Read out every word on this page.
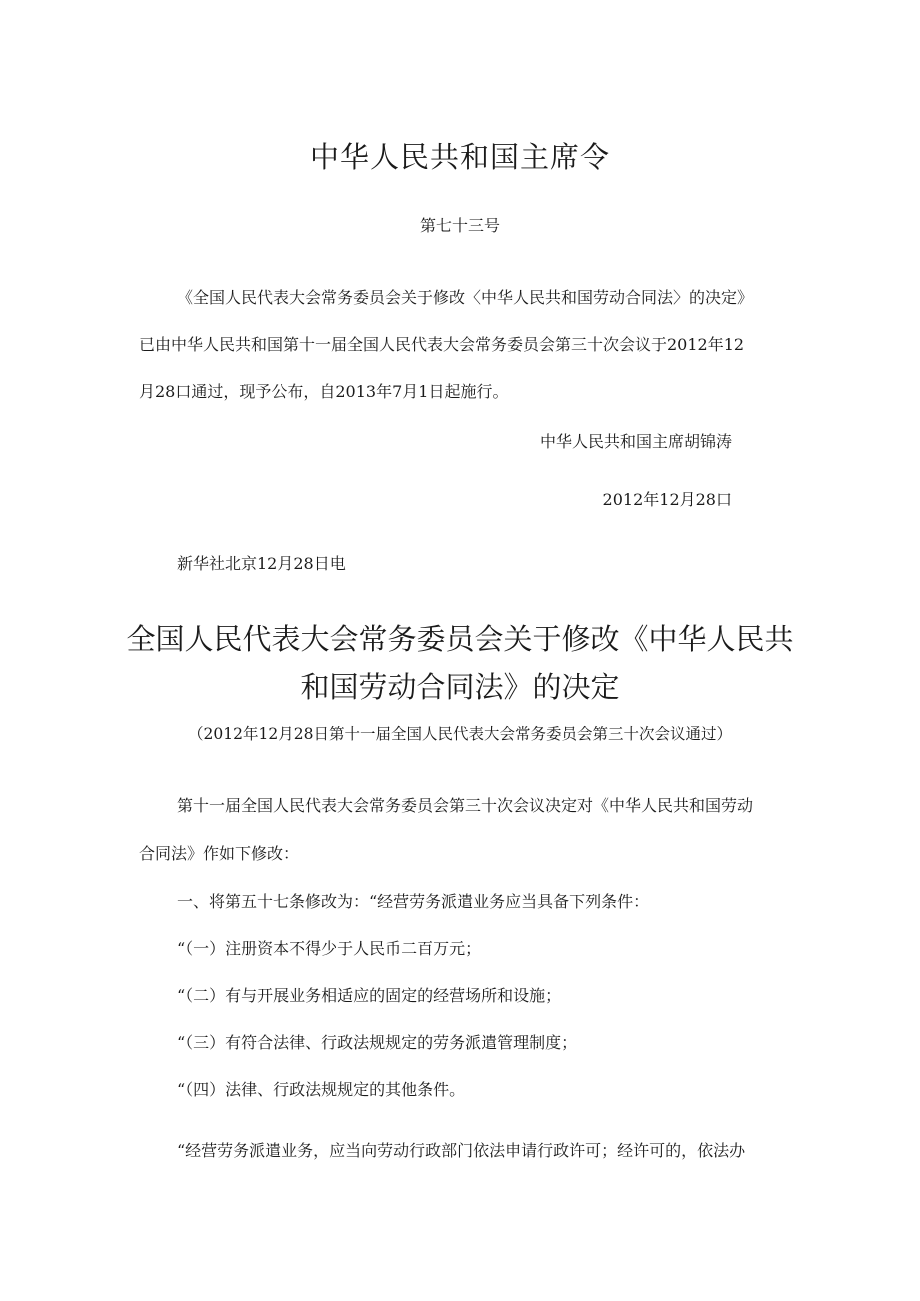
中华人民共和国主席令
第七十三号
《全国人民代表大会常务委员会关于修改〈中华人民共和国劳动合同法〉的决定》
已由中华人民共和国第十一届全国人民代表大会常务委员会第三十次会议于2012年12
月28口通过，现予公布，自2013年7月1日起施行。
中华人民共和国主席胡锦涛
2012年12月28口
新华社北京12月28日电
全国人民代表大会常务委员会关于修改《中华人民共
和国劳动合同法》的决定
（2012年12月28日第十一届全国人民代表大会常务委员会第三十次会议通过）
第十一届全国人民代表大会常务委员会第三十次会议决定对《中华人民共和国劳动
合同法》作如下修改：
一、将第五十七条修改为：“经营劳务派遣业务应当具备下列条件：
“（一）注册资本不得少于人民币二百万元；
“（二）有与开展业务相适应的固定的经营场所和设施；
“（三）有符合法律、行政法规规定的劳务派遣管理制度；
“（四）法律、行政法规规定的其他条件。
“经营劳务派遣业务，应当向劳动行政部门依法申请行政许可；经许可的，依法办
